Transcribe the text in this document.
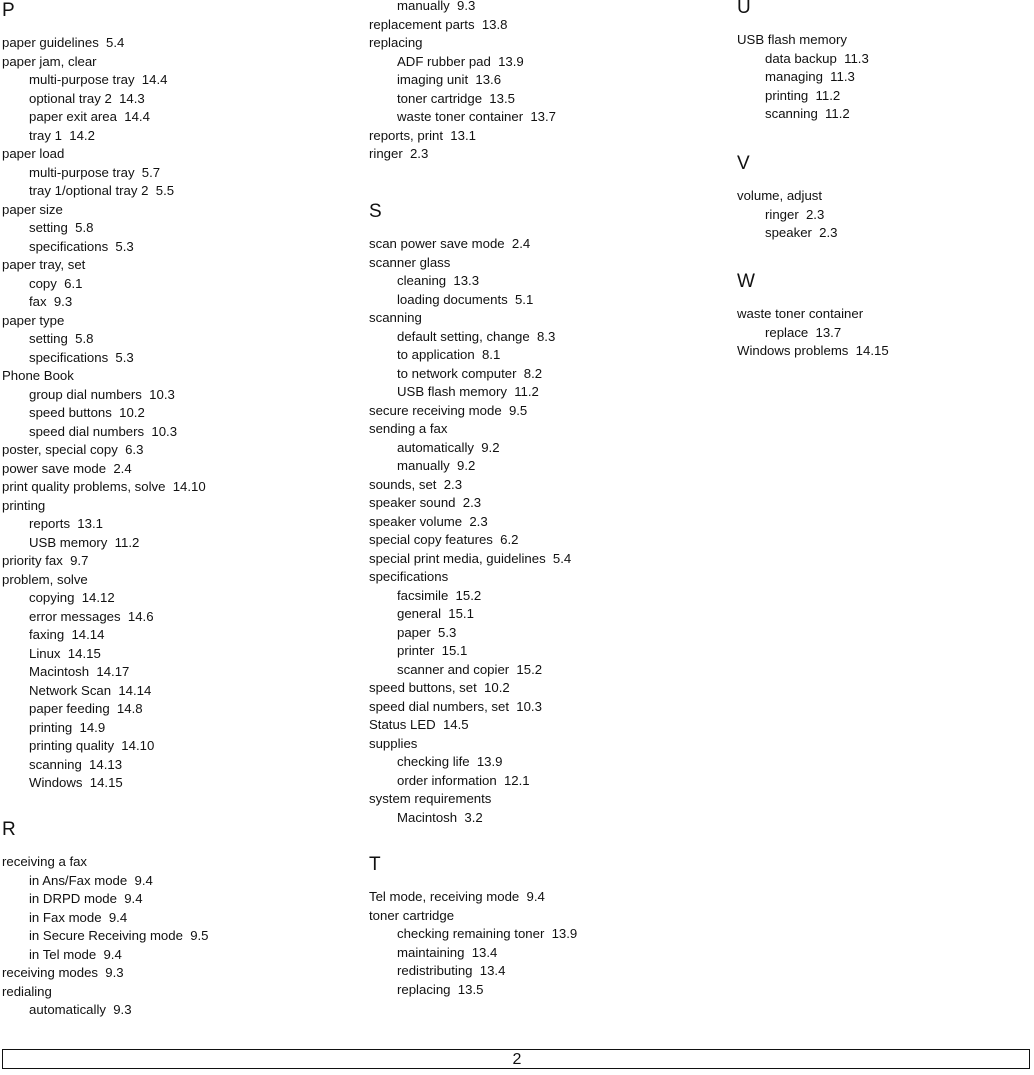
P
paper guidelines 5.4
paper jam, clear
multi-purpose tray 14.4
optional tray 2 14.3
paper exit area 14.4
tray 1 14.2
paper load
multi-purpose tray 5.7
tray 1/optional tray 2 5.5
paper size
setting 5.8
specifications 5.3
paper tray, set
copy 6.1
fax 9.3
paper type
setting 5.8
specifications 5.3
Phone Book
group dial numbers 10.3
speed buttons 10.2
speed dial numbers 10.3
poster, special copy 6.3
power save mode 2.4
print quality problems, solve 14.10
printing
reports 13.1
USB memory 11.2
priority fax 9.7
problem, solve
copying 14.12
error messages 14.6
faxing 14.14
Linux 14.15
Macintosh 14.17
Network Scan 14.14
paper feeding 14.8
printing 14.9
printing quality 14.10
scanning 14.13
Windows 14.15
R
receiving a fax
in Ans/Fax mode 9.4
in DRPD mode 9.4
in Fax mode 9.4
in Secure Receiving mode 9.5
in Tel mode 9.4
receiving modes 9.3
redialing
automatically 9.3
manually 9.3
replacement parts 13.8
replacing
ADF rubber pad 13.9
imaging unit 13.6
toner cartridge 13.5
waste toner container 13.7
reports, print 13.1
ringer 2.3
S
scan power save mode 2.4
scanner glass
cleaning 13.3
loading documents 5.1
scanning
default setting, change 8.3
to application 8.1
to network computer 8.2
USB flash memory 11.2
secure receiving mode 9.5
sending a fax
automatically 9.2
manually 9.2
sounds, set 2.3
speaker sound 2.3
speaker volume 2.3
special copy features 6.2
special print media, guidelines 5.4
specifications
facsimile 15.2
general 15.1
paper 5.3
printer 15.1
scanner and copier 15.2
speed buttons, set 10.2
speed dial numbers, set 10.3
Status LED 14.5
supplies
checking life 13.9
order information 12.1
system requirements
Macintosh 3.2
T
Tel mode, receiving mode 9.4
toner cartridge
checking remaining toner 13.9
maintaining 13.4
redistributing 13.4
replacing 13.5
U
USB flash memory
data backup 11.3
managing 11.3
printing 11.2
scanning 11.2
V
volume, adjust
ringer 2.3
speaker 2.3
W
waste toner container
replace 13.7
Windows problems 14.15
2
